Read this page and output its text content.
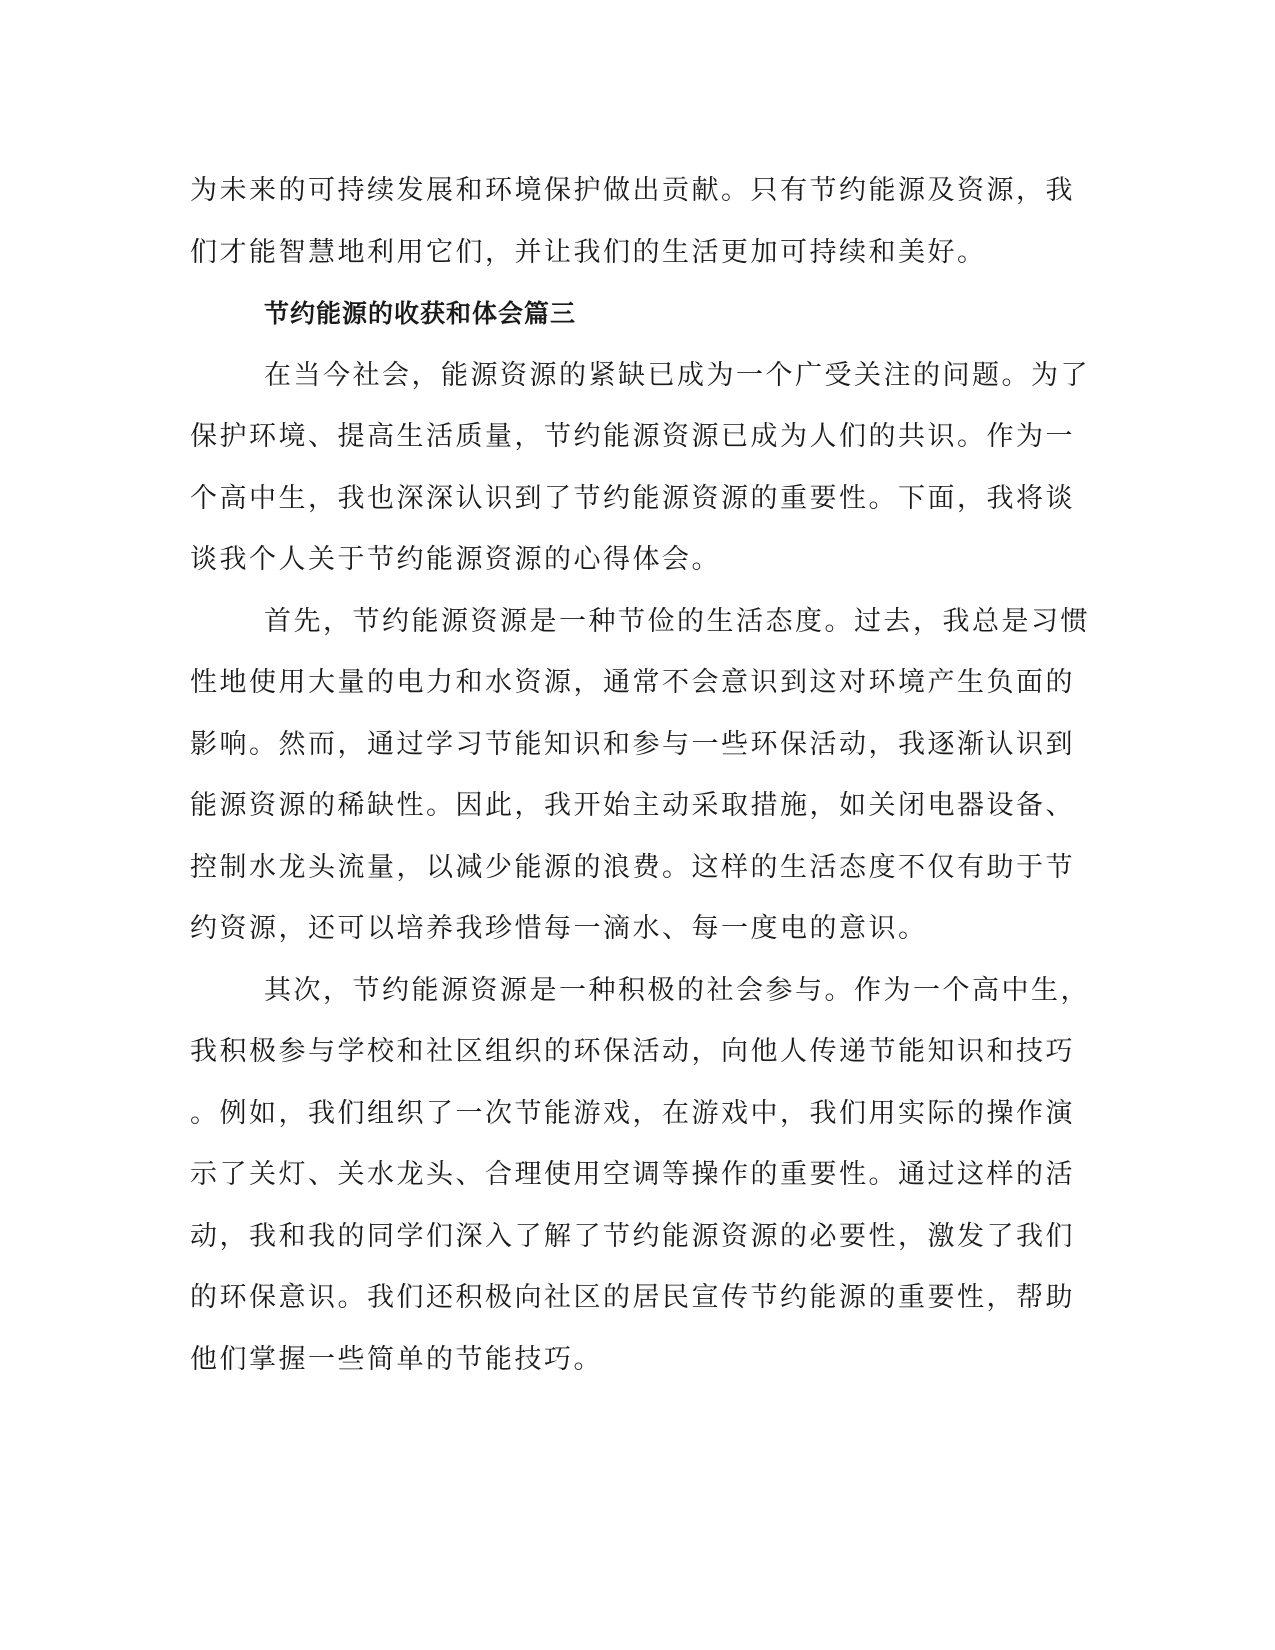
为未来的可持续发展和环境保护做出贡献。只有节约能源及资源，我
们才能智慧地利用它们，并让我们的生活更加可持续和美好。

节约能源的收获和体会篇三

在当今社会，能源资源的紧缺已成为一个广受关注的问题。为了
保护环境、提高生活质量，节约能源资源已成为人们的共识。作为一
个高中生，我也深深认识到了节约能源资源的重要性。下面，我将谈
谈我个人关于节约能源资源的心得体会。

首先，节约能源资源是一种节俭的生活态度。过去，我总是习惯
性地使用大量的电力和水资源，通常不会意识到这对环境产生负面的
影响。然而，通过学习节能知识和参与一些环保活动，我逐渐认识到
能源资源的稀缺性。因此，我开始主动采取措施，如关闭电器设备、
控制水龙头流量，以减少能源的浪费。这样的生活态度不仅有助于节
约资源，还可以培养我珍惜每一滴水、每一度电的意识。

其次，节约能源资源是一种积极的社会参与。作为一个高中生，
我积极参与学校和社区组织的环保活动，向他人传递节能知识和技巧
。例如，我们组织了一次节能游戏，在游戏中，我们用实际的操作演
示了关灯、关水龙头、合理使用空调等操作的重要性。通过这样的活
动，我和我的同学们深入了解了节约能源资源的必要性，激发了我们
的环保意识。我们还积极向社区的居民宣传节约能源的重要性，帮助
他们掌握一些简单的节能技巧。
